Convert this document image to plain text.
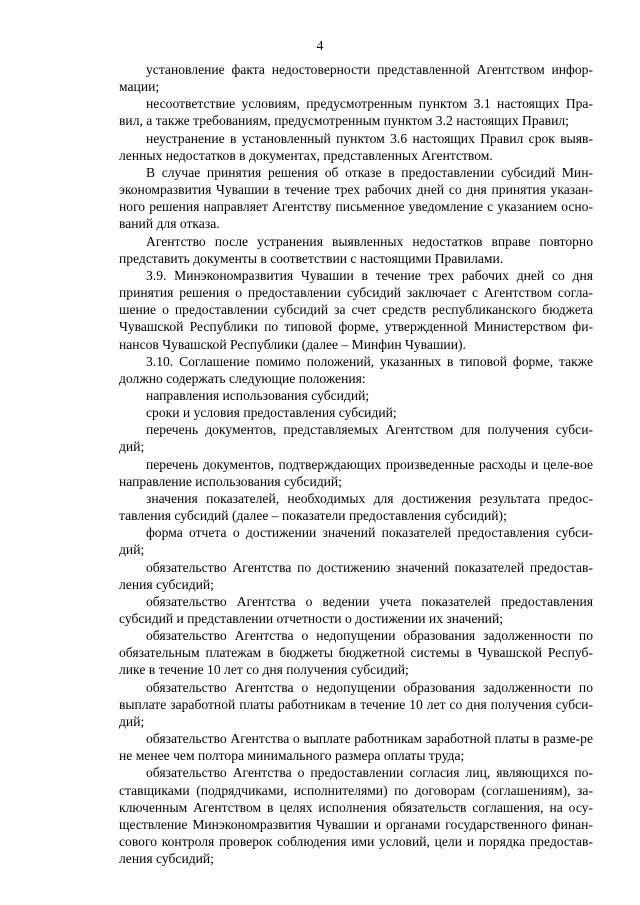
4

установление факта недостоверности представленной Агентством инфор-мации;

несоответствие условиям, предусмотренным пунктом 3.1 настоящих Пра-вил, а также требованиям, предусмотренным пунктом 3.2 настоящих Правил;

неустранение в установленный пунктом 3.6 настоящих Правил срок выяв-ленных недостатков в документах, представленных Агентством.

В случае принятия решения об отказе в предоставлении субсидий Мин-экономразвития Чувашии в течение трех рабочих дней со дня принятия указан-ного решения направляет Агентству письменное уведомление с указанием осно-ваний для отказа.

Агентство после устранения выявленных недостатков вправе повторно представить документы в соответствии с настоящими Правилами.

3.9. Минэкономразвития Чувашии в течение трех рабочих дней со дня принятия решения о предоставлении субсидий заключает с Агентством согла-шение о предоставлении субсидий за счет средств республиканского бюджета Чувашской Республики по типовой форме, утвержденной Министерством фи-нансов Чувашской Республики (далее – Минфин Чувашии).

3.10. Соглашение помимо положений, указанных в типовой форме, также должно содержать следующие положения:

направления использования субсидий;

сроки и условия предоставления субсидий;

перечень документов, представляемых Агентством для получения субси-дий;

перечень документов, подтверждающих произведенные расходы и целе-вое направление использования субсидий;

значения показателей, необходимых для достижения результата предос-тавления субсидий (далее – показатели предоставления субсидий);

форма отчета о достижении значений показателей предоставления субси-дий;

обязательство Агентства по достижению значений показателей предостав-ления субсидий;

обязательство Агентства о ведении учета показателей предоставления субсидий и представлении отчетности о достижении их значений;

обязательство Агентства о недопущении образования задолженности по обязательным платежам в бюджеты бюджетной системы в Чувашской Респуб-лике в течение 10 лет со дня получения субсидий;

обязательство Агентства о недопущении образования задолженности по выплате заработной платы работникам в течение 10 лет со дня получения субси-дий;

обязательство Агентства о выплате работникам заработной платы в разме-ре не менее чем полтора минимального размера оплаты труда;

обязательство Агентства о предоставлении согласия лиц, являющихся по-ставщиками (подрядчиками, исполнителями) по договорам (соглашениям), за-ключенным Агентством в целях исполнения обязательств соглашения, на осу-ществление Минэкономразвития Чувашии и органами государственного финан-сового контроля проверок соблюдения ими условий, цели и порядка предостав-ления субсидий;
